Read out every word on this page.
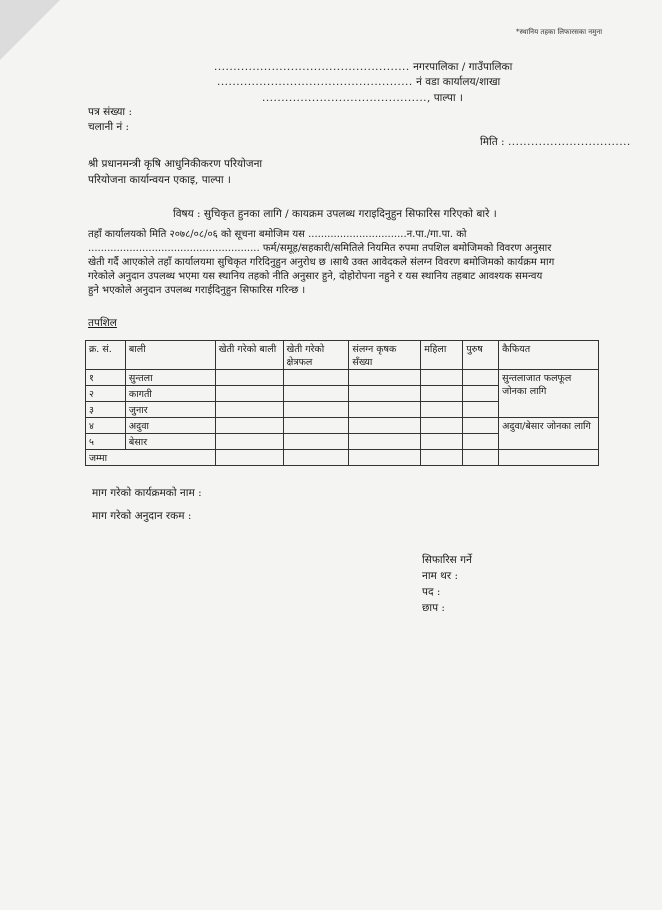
*स्थानिय तहका लिफारसका नमुना
................................................... नगरपालिका / गाउँपालिका
................................................... नं वडा कार्यालय/शाखा
..........................................., पाल्पा ।
पत्र संख्या :
चलानी नं :
मिति : ................................
श्री प्रधानमन्त्री कृषि आधुनिकीकरण परियोजना
परियोजना कार्यान्वयन एकाइ, पाल्पा ।
विषय : सुचिकृत हुनका लागि / कायक्रम उपलब्ध गराइदिनुहुन सिफारिस गरिएको बारे ।
तहाँ कार्यालयको मिति २०७८/०८/०६ को सूचना बमोजिम यस ...............................न.पा./गा.पा. को
...................................................... फर्म/समूह/सहकारी/समितिले नियमित रुपमा तपशिल बमोजिमको विवरण अनुसार
खेती गर्दै आएकोले तहाँ कार्यालयमा सुचिकृत गरिदिनुहुन अनुरोध छ ।साथै उक्त आवेदकले संलग्न विवरण बमोजिमको कार्यक्रम माग
गरेकोले अनुदान उपलब्ध भएमा यस स्थानिय तहको नीति अनुसार हुने, दोहोरोपना नहुने र यस स्थानिय तहबाट आवश्यक समन्वय
हुने भएकोले अनुदान उपलब्ध गराईदिनुहुन सिफारिस गरिन्छ ।
तपशिल
क्र. सं.	बाली	खेती गरेको बाली	खेती गरेको क्षेत्रफल	संलग्न कृषक सँख्या	महिला	पुरुष	कैफियत
१	सुन्तला						सुन्तलाजात फलफूल जोनका लागि
२	कागती						
३	जुनार						
४	अदुवा						अदुवा/बेसार जोनका लागि
५	बेसार						
जम्मा							
माग गरेको कार्यक्रमको नाम :
माग गरेको अनुदान रकम :
सिफारिस गर्ने
नाम थर :
पद :
छाप :
